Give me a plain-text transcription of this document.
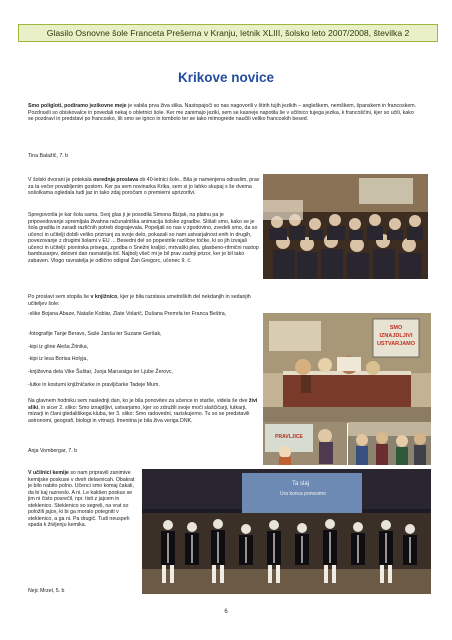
Glasilo Osnovne šole Franceta Prešerna v Kranju, letnik XLIII, šolsko leto 2007/2008, številka 2
Krikove novice

Smo poligloti, podiramo jezikovne meje je vabila prva živa slika. Nastopajoči so nas nagovorili v štirih tujih jezikih – angleškem, nemškem, španskem in francoskem. Pozdravili so obiskovalce in povedali nekaj o obletnici šole. Ker me zanimajo jeziki, sem se kasneje napotila še v učilnico tujega jezika, k francoščini, kjer so učili, kako se pozdravi in predstavi po francosko, šli smo se igrico in tombolo ter se tako mimogrede naučili veliko francoskih besed.

Tina Balažič, 7. b

V šolski dvorani je potekala osrednja proslava ob 40-letnici šole.. Bila je namenjena odraslim, prav za ta večer povabljenim gostom. Ker pa sem novinarka Krika, sem si jo lahko skupaj s še dvema sošolkama ogledala tudi jaz in tako zdaj poročam o premierni uprizoritvi.

Spregovorila je kar šola sama. Svoj glas ji je posodila Simona Bizjak, na platnu pa je pripovedovanje spremljala živahna računalniška animacija šolske zgradbe. Slišali smo, kako se je šola gradila in zaradi različnih potreb dograjevala. Popeljali so nas v zgodovino, zvedeli smo, da so učenci in učitelji dobili veliko priznanj za svoje delo, pokazali so nam ustvarjalnost enih in drugih, povezovanje z drugimi šolami v EU ... Besedni del so popestrile različne točke, ki so jih izvajali učenci in učitelji: pionirska prisega, zgodba o Snežni kraljici, mrtvaški ples, glasbeno-ritmični nastop bambusarjev, delovni dan ravnatelja itd. Najbolj všeč mi je bil prav zadnji prizor, ker je bil tako zabaven. Vlogo ravnatelja je odlično odigral Žan Gregorc, učenec 9. č.

Po proslavi sem stopila še v knjižnico, kjer je bila razstava umetniških del nekdanjih in sedanjih učiteljev šole:

-slike Bojana Abaze, Nataše Koblar, Zlate Volarič, Dušana Premrla ter Franca Beštra,

-fotografije Tanje Beravs, Saše Janša ter Suzane Geršak,

-kipi iz gline Aleša Žitnika,

-kipi iz lesa Borisa Holyja,

-književna dela Vike Šuštar, Junja Marussiga ter Ljube Žerovc,

-lutke in kostumi knjižničarke in pravljičarke Tadeje Mum.

Na glavnem hodniku sem naslednji dan, ko je bila ponovitev za učence in starše, videla še dve živi sliki, in sicer 2. sliko: Smo iznajdljivi, ustvarjamo, kjer so združili svoje moči slaščičarji, lutkarji, mizarji in člani gledališkega kluba, ter 3. sliko: Smo radovedni, raziskujemo. Tu so se predstavili astronomi, geografi, biologi in vrtnarji. Imenitna je bila živa veriga DNK.

Anja Vombergar, 7. b

V učilnici kemije so nam pripravili zanimive kemijske poskuse v dveh delavnicah. Obakrat je bilo nabito polno. Učenci smo komaj čakali, da bi kaj razneslo. A ni. Le kakšen poskus se jim ni čisto posrečil, npr. tisti z jajcem in steklenico. Steklenico so segreli, na vrat so položili jajce, ki bi ga moralo potegniti v steklenico, a ga ni. Pa drugič. Tudi neuspeh spada k življenju kemika.

Nejc Mrzel, 5. b

SMO
IZNAJDLJIVI
USTVARJAMO
PRAVLJICE
Ta slaj
Ura konca ponosimo
6
